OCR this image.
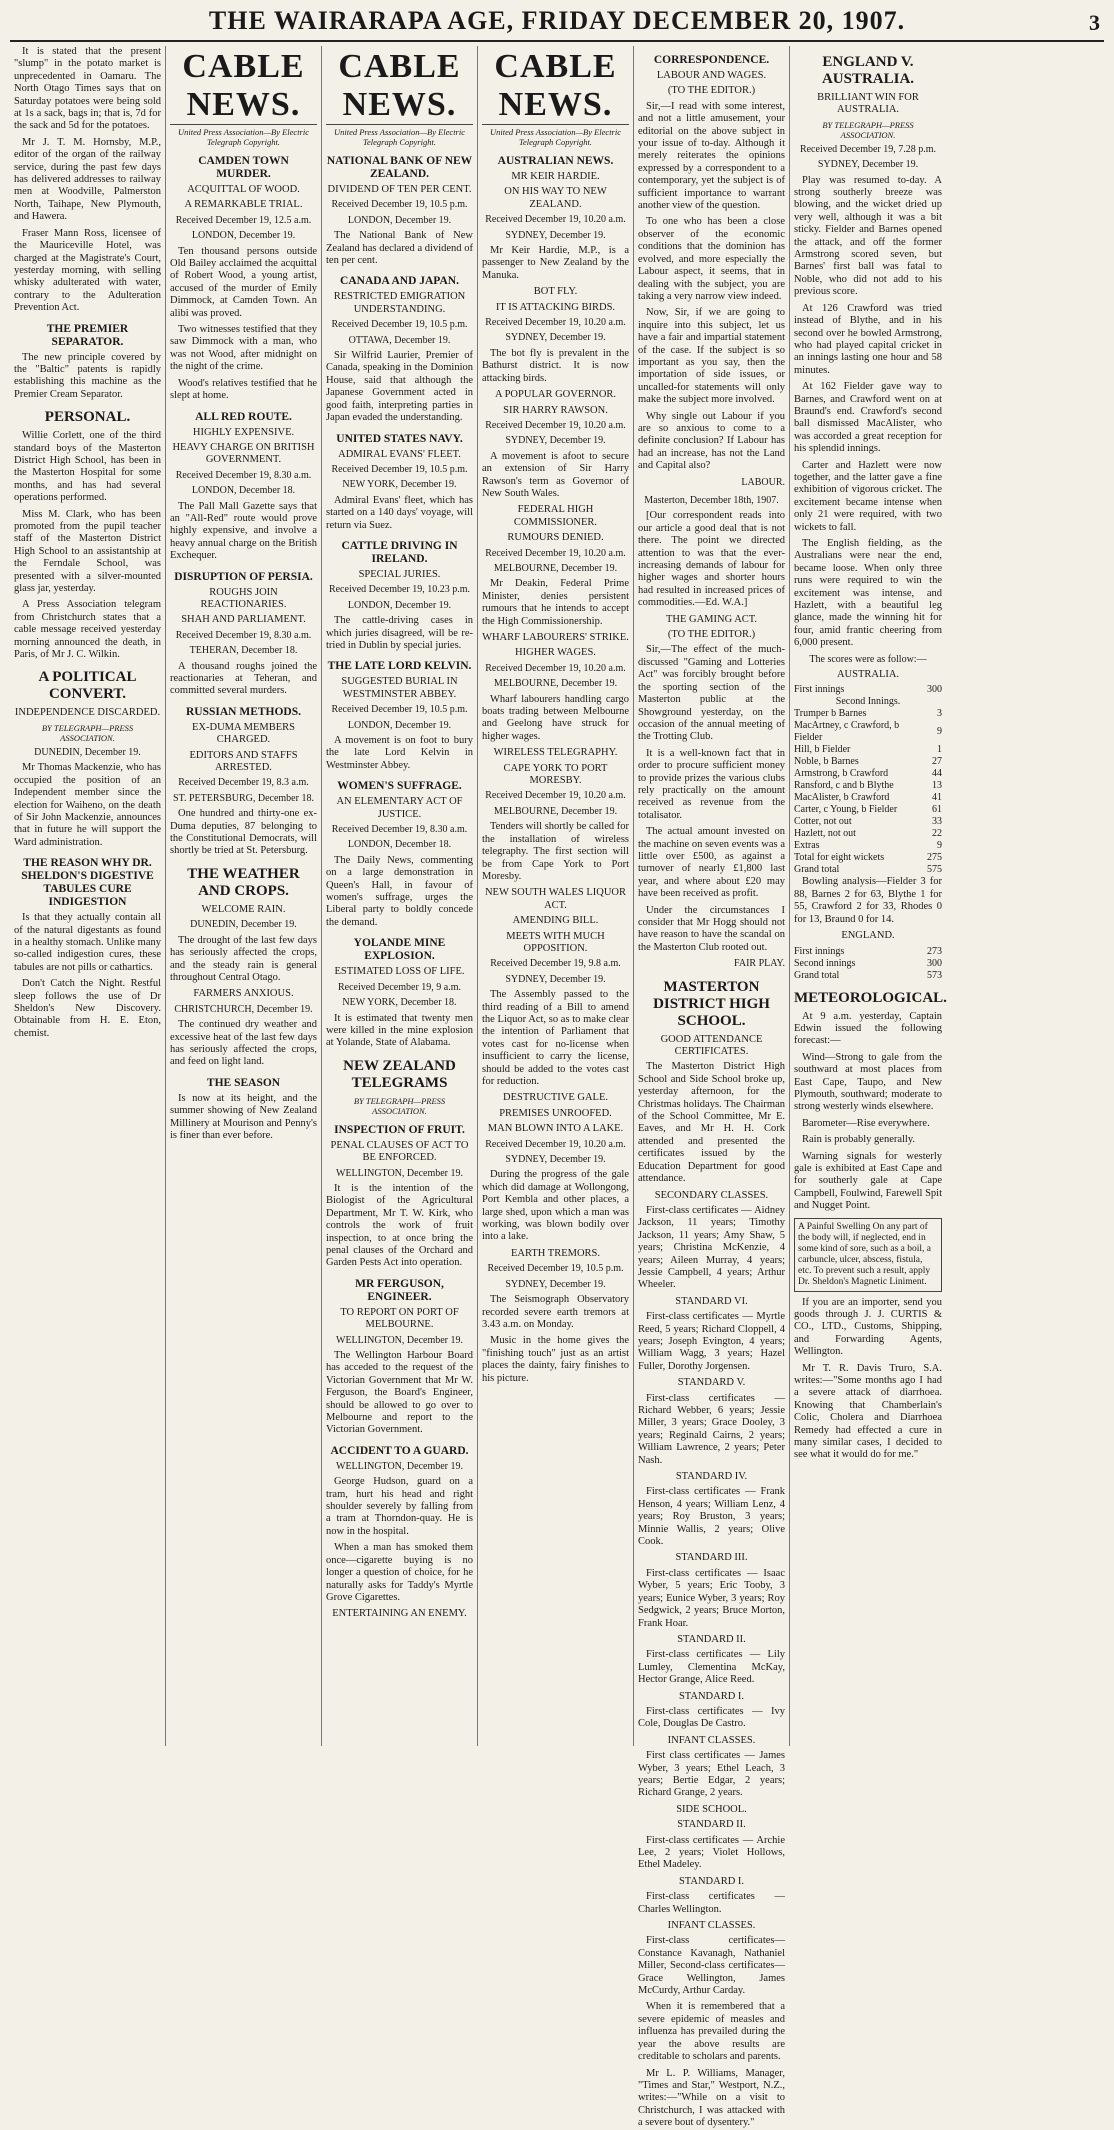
THE WAIRARAPA AGE, FRIDAY DECEMBER 20, 1907.	3

It is stated that the present "slump" in the potato market is unprecedented in Oamaru. The North Otago Times says that on Saturday potatoes were being sold at 1s a sack, bags in; that is, 7d for the sack and 5d for the potatoes.

Mr J. T. M. Hornsby, M.P., editor of the organ of the railway service, during the past few days has delivered addresses to railway men at Woodville, Palmerston North, Taihape, New Plymouth, and Hawera.

Fraser Mann Ross, licensee of the Mauriceville Hotel, was charged at the Magistrate's Court, yesterday morning, with selling whisky adulterated with water, contrary to the Adulteration Prevention Act.

THE PREMIER SEPARATOR.

The new principle covered by the "Baltic" patents is rapidly establishing this machine as the Premier Cream Separator.

PERSONAL.

Willie Corlett, one of the third standard boys of the Masterton District High School, has been in the Masterton Hospital for some months, and has had several operations performed.

Miss M. Clark, who has been promoted from the pupil teacher staff of the Masterton District High School to an assistantship at the Ferndale School, was presented with a silver-mounted glass jar, yesterday.

A Press Association telegram from Christchurch states that a cable message received yesterday morning announced the death, in Paris, of Mr J. C. Wilkin.

A POLITICAL CONVERT.
INDEPENDENCE DISCARDED.
BY TELEGRAPH—PRESS ASSOCIATION.
DUNEDIN, December 19.

Mr Thomas Mackenzie, who has occupied the position of an Independent member since the election for Waiheno, on the death of Sir John Mackenzie, announces that in future he will support the Ward administration.

THE REASON WHY DR. SHELDON'S DIGESTIVE TABULES CURE INDIGESTION

Is that they actually contain all of the natural digestants as found in a healthy stomach. Unlike many so-called indigestion cures, these tabules are not pills or cathartics.

Don't Catch the Night. Restful sleep follows the use of Dr Sheldon's New Discovery. Obtainable from H. E. Eton, chemist.

CABLE NEWS.
United Press Association—By Electric Telegraph Copyright.
CAMDEN TOWN MURDER.
ACQUITTAL OF WOOD.
A REMARKABLE TRIAL.
Received December 19, 12.5 a.m.
LONDON, December 19.

Ten thousand persons outside Old Bailey acclaimed the acquittal of Robert Wood, a young artist, accused of the murder of Emily Dimmock, at Camden Town. An alibi was proved.

Two witnesses testified that they saw Dimmock with a man, who was not Wood, after midnight on the night of the crime.

Wood's relatives testified that he slept at home.

ALL RED ROUTE.
HIGHLY EXPENSIVE.
HEAVY CHARGE ON BRITISH GOVERNMENT.
Received December 19, 8.30 a.m.
LONDON, December 18.

The Pall Mall Gazette says that an "All-Red" route would prove highly expensive, and involve a heavy annual charge on the British Exchequer.

DISRUPTION OF PERSIA.
ROUGHS JOIN REACTIONARIES.
SHAH AND PARLIAMENT.
Received December 19, 8.30 a.m.
TEHERAN, December 18.

A thousand roughs joined the reactionaries at Teheran, and committed several murders.

RUSSIAN METHODS.
EX-DUMA MEMBERS CHARGED.
EDITORS AND STAFFS ARRESTED.
Received December 19, 8.3 a.m.
ST. PETERSBURG, December 18.

One hundred and thirty-one ex-Duma deputies, 87 belonging to the Constitutional Democrats, will shortly be tried at St. Petersburg.

THE WEATHER AND CROPS.
WELCOME RAIN.
DUNEDIN, December 19.

The drought of the last few days has seriously affected the crops, and the steady rain is general throughout Central Otago.

FARMERS ANXIOUS.
CHRISTCHURCH, December 19.

The continued dry weather and excessive heat of the last few days has seriously affected the crops, and feed on light land.

THE SEASON

Is now at its height, and the summer showing of New Zealand Millinery at Mourison and Penny's is finer than ever before.

CABLE NEWS.
United Press Association—By Electric Telegraph Copyright.
NATIONAL BANK OF NEW ZEALAND.
DIVIDEND OF TEN PER CENT.
Received December 19, 10.5 p.m.
LONDON, December 19.

The National Bank of New Zealand has declared a dividend of ten per cent.

CANADA AND JAPAN.
RESTRICTED EMIGRATION UNDERSTANDING.
Received December 19, 10.5 p.m.
OTTAWA, December 19.

Sir Wilfrid Laurier, Premier of Canada, speaking in the Dominion House, said that although the Japanese Government acted in good faith, interpreting parties in Japan evaded the understanding.

UNITED STATES NAVY.
ADMIRAL EVANS' FLEET.
Received December 19, 10.5 p.m.
NEW YORK, December 19.

Admiral Evans' fleet, which has started on a 140 days' voyage, will return via Suez.

CATTLE DRIVING IN IRELAND.
SPECIAL JURIES.
Received December 19, 10.23 p.m.
LONDON, December 19.

The cattle-driving cases in which juries disagreed, will be re-tried in Dublin by special juries.

THE LATE LORD KELVIN.
SUGGESTED BURIAL IN WESTMINSTER ABBEY.
Received December 19, 10.5 p.m.
LONDON, December 19.

A movement is on foot to bury the late Lord Kelvin in Westminster Abbey.

WOMEN'S SUFFRAGE.
AN ELEMENTARY ACT OF JUSTICE.
Received December 19, 8.30 a.m.
LONDON, December 18.

The Daily News, commenting on a large demonstration in Queen's Hall, in favour of women's suffrage, urges the Liberal party to boldly concede the demand.

YOLANDE MINE EXPLOSION.
ESTIMATED LOSS OF LIFE.
Received December 19, 9 a.m.
NEW YORK, December 18.

It is estimated that twenty men were killed in the mine explosion at Yolande, State of Alabama.

NEW ZEALAND TELEGRAMS
BY TELEGRAPH—PRESS ASSOCIATION.
INSPECTION OF FRUIT.
PENAL CLAUSES OF ACT TO BE ENFORCED.
WELLINGTON, December 19.

It is the intention of the Biologist of the Agricultural Department, Mr T. W. Kirk, who controls the work of fruit inspection, to at once bring the penal clauses of the Orchard and Garden Pests Act into operation.

MR FERGUSON, ENGINEER.
TO REPORT ON PORT OF MELBOURNE.
WELLINGTON, December 19.

The Wellington Harbour Board has acceded to the request of the Victorian Government that Mr W. Ferguson, the Board's Engineer, should be allowed to go over to Melbourne and report to the Victorian Government.

ACCIDENT TO A GUARD.
WELLINGTON, December 19.

George Hudson, guard on a tram, hurt his head and right shoulder severely by falling from a tram at Thorndon-quay. He is now in the hospital.

When a man has smoked them once—cigarette buying is no longer a question of choice, for he naturally asks for Taddy's Myrtle Grove Cigarettes.

ENTERTAINING AN ENEMY.
CABLE NEWS.
United Press Association—By Electric Telegraph Copyright.
AUSTRALIAN NEWS.
MR KEIR HARDIE.
ON HIS WAY TO NEW ZEALAND.
Received December 19, 10.20 a.m.
SYDNEY, December 19.

Mr Keir Hardie, M.P., is a passenger to New Zealand by the Manuka.

BOT FLY.
IT IS ATTACKING BIRDS.
Received December 19, 10.20 a.m.
SYDNEY, December 19.

The bot fly is prevalent in the Bathurst district. It is now attacking birds.

A POPULAR GOVERNOR.
SIR HARRY RAWSON.
Received December 19, 10.20 a.m.
SYDNEY, December 19.

A movement is afoot to secure an extension of Sir Harry Rawson's term as Governor of New South Wales.

FEDERAL HIGH COMMISSIONER.
RUMOURS DENIED.
Received December 19, 10.20 a.m.
MELBOURNE, December 19.

Mr Deakin, Federal Prime Minister, denies persistent rumours that he intends to accept the High Commissionership.

WHARF LABOURERS' STRIKE.
HIGHER WAGES.
Received December 19, 10.20 a.m.
MELBOURNE, December 19.

Wharf labourers handling cargo boats trading between Melbourne and Geelong have struck for higher wages.

WIRELESS TELEGRAPHY.
CAPE YORK TO PORT MORESBY.
Received December 19, 10.20 a.m.
MELBOURNE, December 19.

Tenders will shortly be called for the installation of wireless telegraphy. The first section will be from Cape York to Port Moresby.

NEW SOUTH WALES LIQUOR ACT.
AMENDING BILL.
MEETS WITH MUCH OPPOSITION.
Received December 19, 9.8 a.m.
SYDNEY, December 19.

The Assembly passed to the third reading of a Bill to amend the Liquor Act, so as to make clear the intention of Parliament that votes cast for no-license when insufficient to carry the license, should be added to the votes cast for reduction.

DESTRUCTIVE GALE.
PREMISES UNROOFED.
MAN BLOWN INTO A LAKE.
Received December 19, 10.20 a.m.
SYDNEY, December 19.

During the progress of the gale which did damage at Wollongong, Port Kembla and other places, a large shed, upon which a man was working, was blown bodily over into a lake.

EARTH TREMORS.
Received December 19, 10.5 p.m.
SYDNEY, December 19.

The Seismograph Observatory recorded severe earth tremors at 3.43 a.m. on Monday.

Music in the home gives the "finishing touch" just as an artist places the dainty, fairy finishes to his picture.

CORRESPONDENCE.
LABOUR AND WAGES.
(TO THE EDITOR.)

Sir,—I read with some interest, and not a little amusement, your editorial on the above subject in your issue of to-day. Although it merely reiterates the opinions expressed by a correspondent to a contemporary, yet the subject is of sufficient importance to warrant another view of the question.

To one who has been a close observer of the economic conditions that the dominion has evolved, and more especially the Labour aspect, it seems, that in dealing with the subject, you are taking a very narrow view indeed.

Now, Sir, if we are going to inquire into this subject, let us have a fair and impartial statement of the case. If the subject is so important as you say, then the importation of side issues, or uncalled-for statements will only make the subject more involved.

Why single out Labour if you are so anxious to come to a definite conclusion? If Labour has had an increase, has not the Land and Capital also?

LABOUR.
Masterton, December 18th, 1907.

[Our correspondent reads into our article a good deal that is not there. The point we directed attention to was that the ever-increasing demands of labour for higher wages and shorter hours had resulted in increased prices of commodities.—Ed. W.A.]

THE GAMING ACT.
(TO THE EDITOR.)

Sir,—The effect of the much-discussed "Gaming and Lotteries Act" was forcibly brought before the sporting section of the Masterton public at the Showground yesterday, on the occasion of the annual meeting of the Trotting Club.

It is a well-known fact that in order to procure sufficient money to provide prizes the various clubs rely practically on the amount received as revenue from the totalisator.

The actual amount invested on the machine on seven events was a little over £500, as against a turnover of nearly £1,800 last year, and where about £20 may have been received as profit.

Under the circumstances I consider that Mr Hogg should not have reason to have the scandal on the Masterton Club rooted out.

FAIR PLAY.
MASTERTON DISTRICT HIGH SCHOOL.
GOOD ATTENDANCE CERTIFICATES.

The Masterton District High School and Side School broke up, yesterday afternoon, for the Christmas holidays. The Chairman of the School Committee, Mr E. Eaves, and Mr H. H. Cork attended and presented the certificates issued by the Education Department for good attendance.

SECONDARY CLASSES.

First-class certificates — Aidney Jackson, 11 years; Timothy Jackson, 11 years; Amy Shaw, 5 years; Christina McKenzie, 4 years; Aileen Murray, 4 years; Jessie Campbell, 4 years; Arthur Wheeler.

STANDARD VI.

First-class certificates — Myrtle Reed, 5 years; Richard Cloppell, 4 years; Joseph Evington, 4 years; William Wagg, 3 years; Hazel Fuller, Dorothy Jorgensen.

STANDARD V.

First-class certificates — Richard Webber, 6 years; Jessie Miller, 3 years; Grace Dooley, 3 years; Reginald Cairns, 2 years; William Lawrence, 2 years; Peter Nash.

STANDARD IV.

First-class certificates — Frank Henson, 4 years; William Lenz, 4 years; Roy Bruston, 3 years; Minnie Wallis, 2 years; Olive Cook.

STANDARD III.

First-class certificates — Isaac Wyber, 5 years; Eric Tooby, 3 years; Eunice Wyber, 3 years; Roy Sedgwick, 2 years; Bruce Morton, Frank Hoar.

STANDARD II.

First-class certificates — Lily Lumley, Clementina McKay, Hector Grange, Alice Reed.

STANDARD I.

First-class certificates — Ivy Cole, Douglas De Castro.

INFANT CLASSES.

First class certificates — James Wyber, 3 years; Ethel Leach, 3 years; Bertie Edgar, 2 years; Richard Grange, 2 years.

SIDE SCHOOL.
STANDARD II.

First-class certificates — Archie Lee, 2 years; Violet Hollows, Ethel Madeley.

STANDARD I.

First-class certificates — Charles Wellington.

INFANT CLASSES.

First-class certificates—Constance Kavanagh, Nathaniel Miller, Second-class certificates—Grace Wellington, James McCurdy, Arthur Carday.

When it is remembered that a severe epidemic of measles and influenza has prevailed during the year the above results are creditable to scholars and parents.

Mr L. P. Williams, Manager, "Times and Star," Westport, N.Z., writes:—"While on a visit to Christchurch, I was attacked with a severe bout of dysentery."

ENGLAND V. AUSTRALIA.
BRILLIANT WIN FOR AUSTRALIA.
BY TELEGRAPH—PRESS ASSOCIATION.
Received December 19, 7.28 p.m.
SYDNEY, December 19.

Play was resumed to-day. A strong southerly breeze was blowing, and the wicket dried up very well, although it was a bit sticky. Fielder and Barnes opened the attack, and off the former Armstrong scored seven, but Barnes' first ball was fatal to Noble, who did not add to his previous score.

At 126 Crawford was tried instead of Blythe, and in his second over he bowled Armstrong, who had played capital cricket in an innings lasting one hour and 58 minutes.

At 162 Fielder gave way to Barnes, and Crawford went on at Braund's end. Crawford's second ball dismissed MacAlister, who was accorded a great reception for his splendid innings.

Carter and Hazlett were now together, and the latter gave a fine exhibition of vigorous cricket. The excitement became intense when only 21 were required, with two wickets to fall.

The English fielding, as the Australians were near the end, became loose. When only three runs were required to win the excitement was intense, and Hazlett, with a beautiful leg glance, made the winning hit for four, amid frantic cheering from 6,000 present.

The scores were as follow:—
AUSTRALIA.
First innings	300
Second Innings.	
Trumper b Barnes	3
MacArtney, c Crawford, b Fielder	9
Hill, b Fielder	1
Noble, b Barnes	27
Armstrong, b Crawford	44
Ransford, c and b Blythe	13
MacAlister, b Crawford	41
Carter, c Young, b Fielder	61
Cotter, not out	33
Hazlett, not out	22
Extras	9
Total for eight wickets	275
Grand total	575

Bowling analysis—Fielder 3 for 88, Barnes 2 for 63, Blythe 1 for 55, Crawford 2 for 33, Rhodes 0 for 13, Braund 0 for 14.

ENGLAND.
First innings	273
Second innings	300
Grand total	573
METEOROLOGICAL.

At 9 a.m. yesterday, Captain Edwin issued the following forecast:—

Wind—Strong to gale from the southward at most places from East Cape, Taupo, and New Plymouth, southward; moderate to strong westerly winds elsewhere.

Barometer—Rise everywhere.

Rain is probably generally.

Warning signals for westerly gale is exhibited at East Cape and for southerly gale at Cape Campbell, Foulwind, Farewell Spit and Nugget Point.

A Painful Swelling On any part of the body will, if neglected, end in some kind of sore, such as a boil, a carbuncle, ulcer, abscess, fistula, etc. To prevent such a result, apply Dr. Sheldon's Magnetic Liniment.

If you are an importer, send you goods through J. J. CURTIS & CO., LTD., Customs, Shipping, and Forwarding Agents, Wellington.

Mr T. R. Davis Truro, S.A. writes:—"Some months ago I had a severe attack of diarrhoea. Knowing that Chamberlain's Colic, Cholera and Diarrhoea Remedy had effected a cure in many similar cases, I decided to see what it would do for me."
